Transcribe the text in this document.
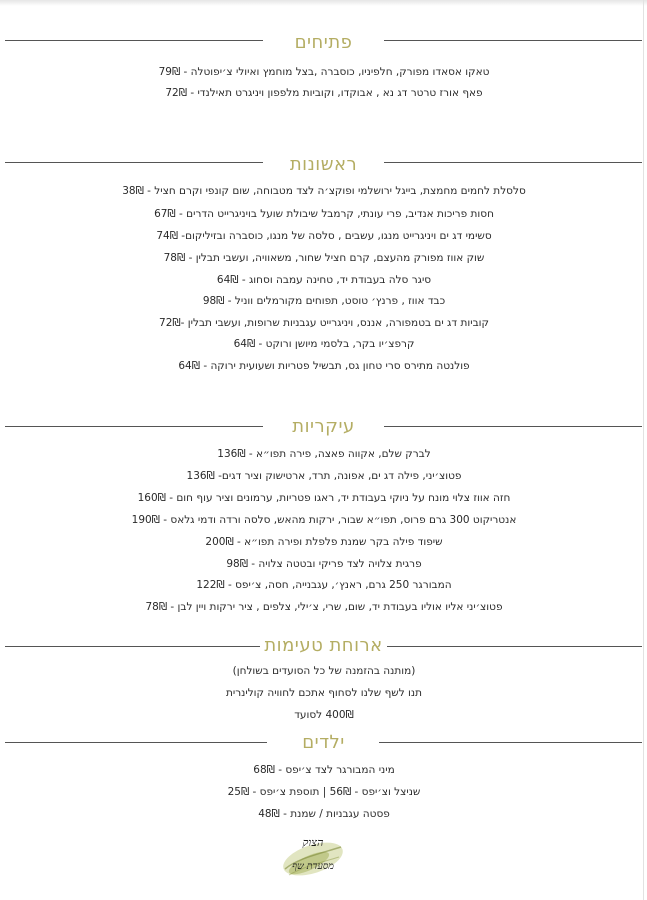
פתיחים
טאקו אסאדו מפורק, חלפיניו, כוסברה ,בצל מוחמץ ואיולי צ׳יפוטלה - 79₪
פאף אורז טרטר דג נא , אבוקדו, וקוביות מלפפון ויניגרט תאילנדי - 72₪
ראשונות
סלסלת לחמים מחמצת, בייגל ירושלמי ופוקצ׳ה לצד מטבוחה, שום קונפי וקרם חציל - 38₪
חסות פריכות אנדיב, פרי עונתי, קרמבל שיבולת שועל בויניגרייט הדרים - 67₪
סשימי דג ים ויניגרייט מנגו, עשבים , סלסה של מנגו, כוסברה ובזיליקום- 74₪
שוק אווז מפורק מהעצם, קרם חציל שחור, משאוויה, ועשבי תבלין - 78₪
סיגר סלה בעבודת יד, טחינה עמבה וסחוג - 64₪
כבד אווז , פרנץ׳ טוסט, תפוחים מקורמלים ווניל - 98₪
קוביות דג ים בטמפורה, אננס, ויניגרייט עגבניות שרופות, ועשבי תבלין -72₪
קרפצ׳יו בקר, בלסמי מיושן ורוקט - 64₪
פולנטה מתירס סרי טחון גס, תבשיל פטריות ושעועית ירוקה - 64₪
עיקריות
לברק שלם, אקווה פאצה, פירה תפו״א - 136₪
פטוצ׳יני, פילה דג ים, אפונה, תרד, ארטישוק וציר דגים- 136₪
חזה אווז צלוי מונח על ניוקי בעבודת יד, ראגו פטריות, ערמונים וציר עוף חום - 160₪
אנטריקוט 300 גרם פרוס, תפו״א שבור, ירקות מהאש, סלסה ורדה ודמי גלאס - 190₪
שיפוד פילה בקר שמנת פלפלת ופירה תפו״א - 200₪
פרגית צלויה לצד פריקי ובטטה צלויה - 98₪
המבורגר 250 גרם, ראנץ׳, עגבנייה, חסה, צ׳יפס - 122₪
פטוצ׳יני אליו אוליו בעבודת יד, שום, שרי, צ׳ילי, צלפים , ציר ירקות ויין לבן - 78₪
ארוחת טעימות
(מותנה בהזמנה של כל הסועדים בשולחן)
תנו לשף שלנו לסחוף אתכם לחוויה קולינרית
400₪ לסועד
ילדים
מיני המבורגר לצד צ׳יפס - 68₪
שניצל וצ׳יפס - 56₪ | תוספת צ׳יפס - 25₪
פסטה עגבניות / שמנת - 48₪
הצוק
מסעדת שף
